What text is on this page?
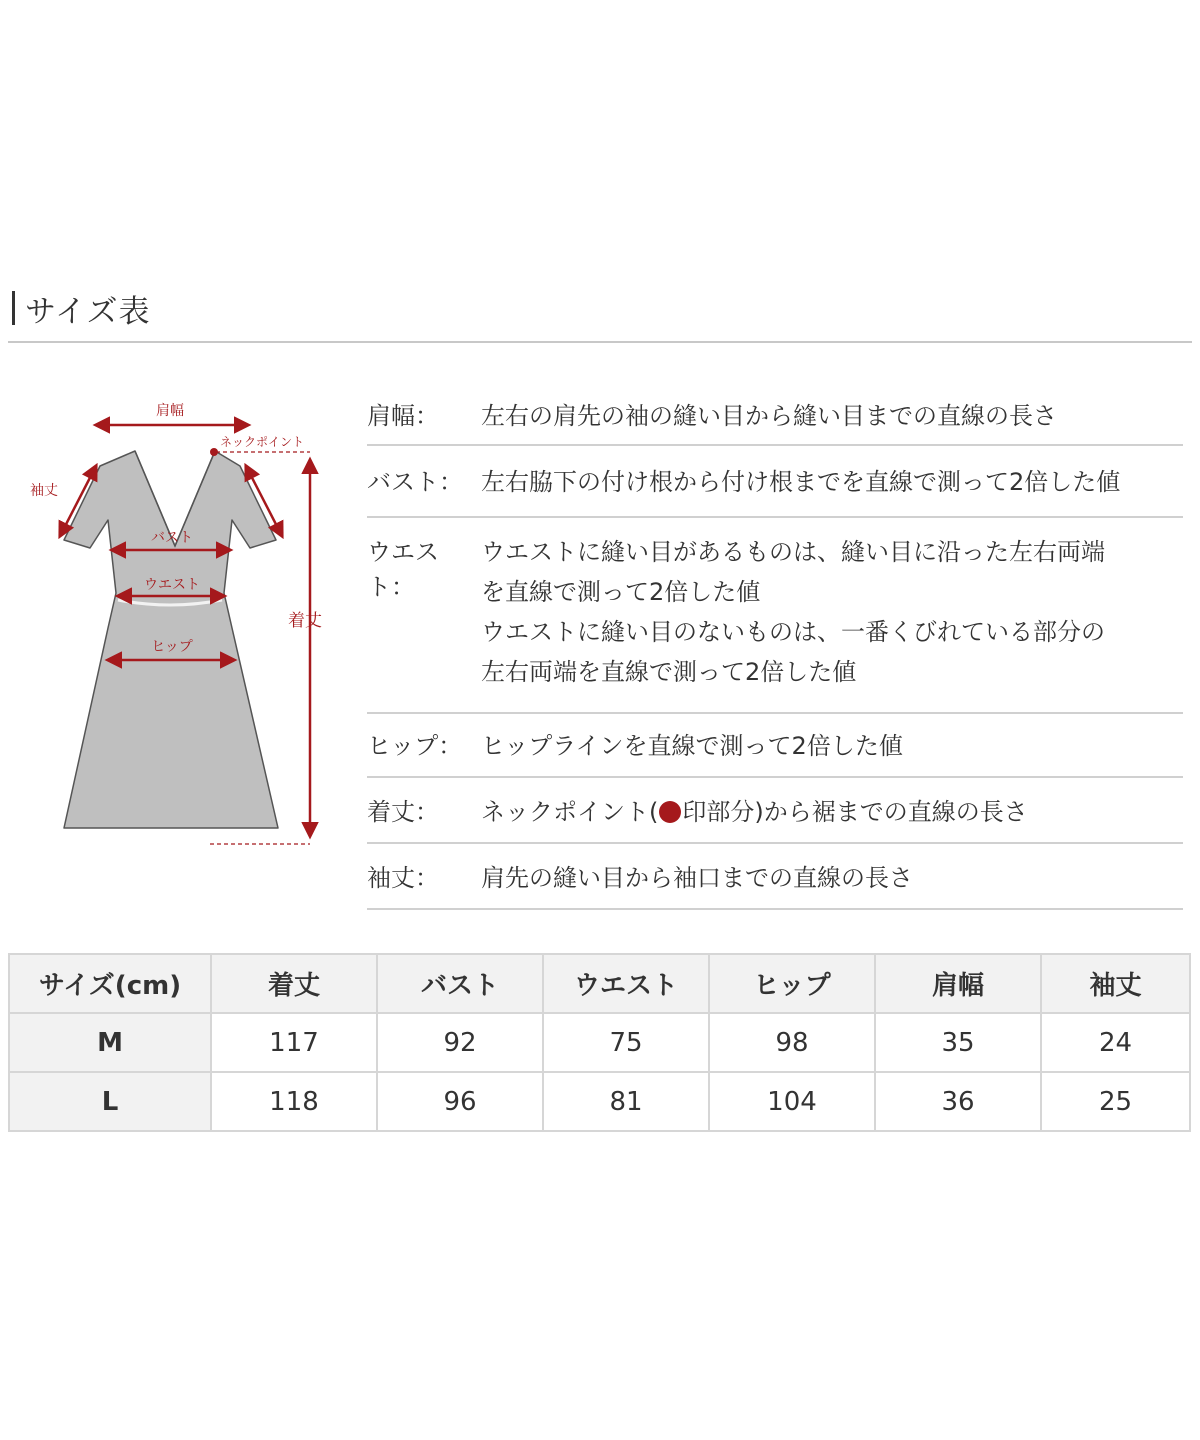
サイズ表
肩幅
ネックポイント
袖丈
バスト
ウエスト
ヒップ
着丈
肩幅：	左右の肩先の袖の縫い目から縫い目までの直線の長さ
バスト： 左右脇下の付け根から付け根までを直線で測って2倍した値
ウエスト：
ウエストに縫い目があるものは、縫い目に沿った左右両端
を直線で測って2倍した値
ウエストに縫い目のないものは、一番くびれている部分の
左右両端を直線で測って2倍した値
ヒップ： ヒップラインを直線で測って2倍した値
着丈：	ネックポイント( 印部分)から裾までの直線の長さ
袖丈：	肩先の縫い目から袖口までの直線の長さ
サイズ(cm)	着丈	バスト	ウエスト	ヒップ	肩幅	袖丈
M	117	92	75	98	35	24
L	118	96	81	104	36	25
